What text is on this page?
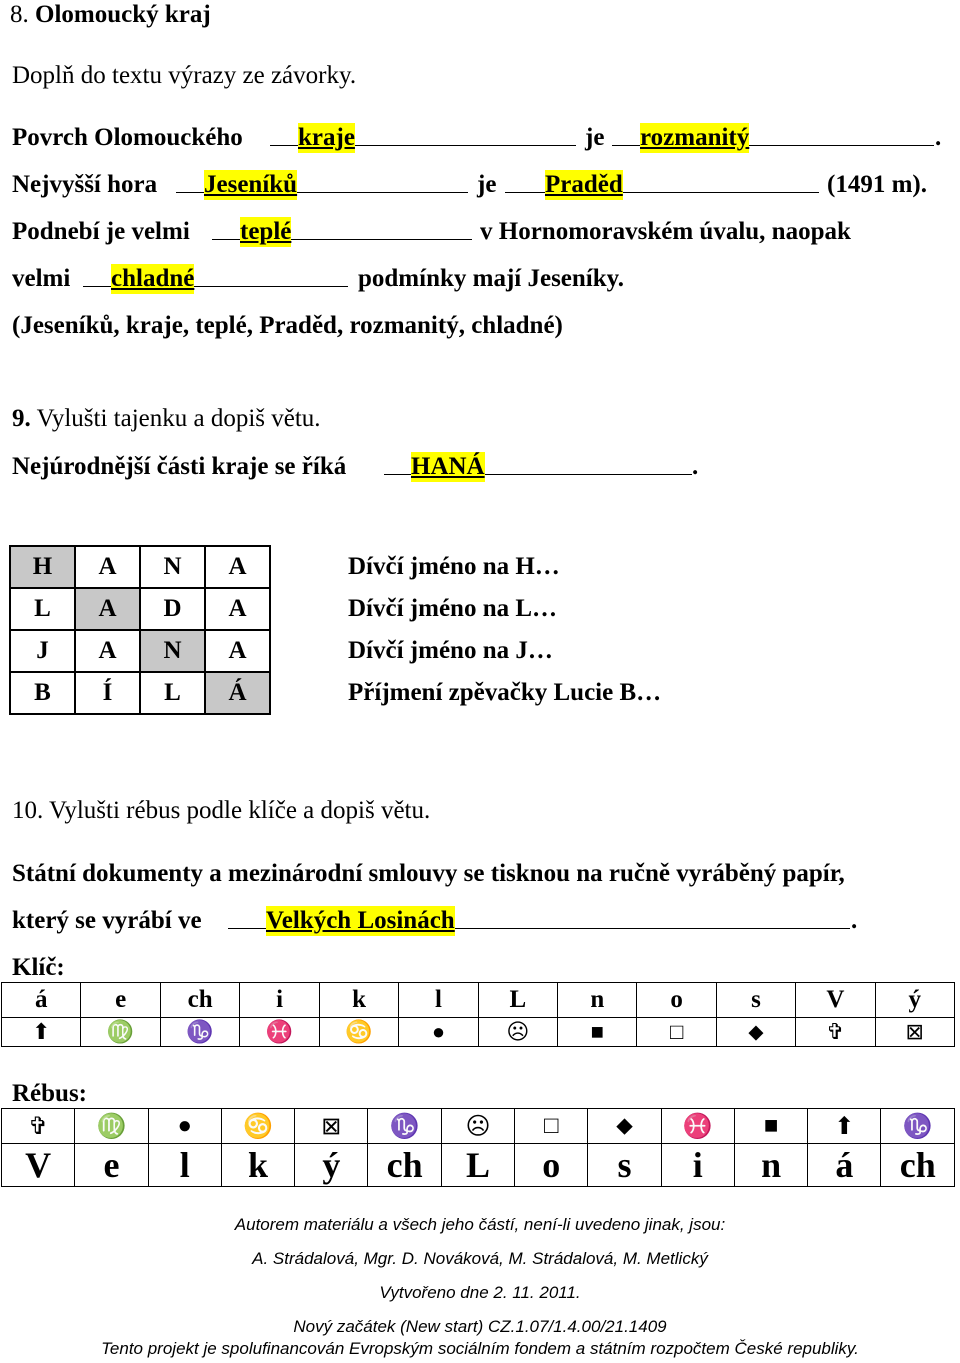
8. Olomoucký kraj
Doplň do textu výrazy ze závorky.
Povrch Olomouckého kraje	je rozmanitý	.
Nejvyšší hora Jeseníků	je Praděd	(1491 m).
Podnebí je velmi teplé	v Hornomoravském úvalu, naopak
velmi chladné	podmínky mají Jeseníky.
(Jeseníků, kraje, teplé, Praděd, rozmanitý, chladné)
9. Vylušti tajenku a dopiš větu.
Nejúrodnější části kraje se říká	HANÁ	.
H	A	N	A
L	A	D	A
J	A	N	A
B	Í	L	Á
Dívčí jméno na H…
Dívčí jméno na L…
Dívčí jméno na J…
Příjmení zpěvačky Lucie B…
10. Vylušti rébus podle klíče a dopiš větu.
Státní dokumenty a mezinárodní smlouvy se tisknou na ručně vyráběný papír,
který se vyrábí ve	Velkých Losinách	.
Klíč:
á	e	ch	i	k	l	L	n	o	s	V	ý
⬆	♍	♑	♓	♋	●	☹	■	□	⬥	✞	⊠
Rébus:
✞	♍	●	♋	⊠	♑	☹	□	⬥	♓	■	⬆	♑
V	e	l	k	ý	ch	L	o	s	i	n	á	ch
Autorem materiálu a všech jeho částí, není-li uvedeno jinak, jsou:
A. Strádalová, Mgr. D. Nováková, M. Strádalová, M. Metlický
Vytvořeno dne 2. 11. 2011.
Nový začátek (New start) CZ.1.07/1.4.00/21.1409
Tento projekt je spolufinancován Evropským sociálním fondem a státním rozpočtem České republiky.
